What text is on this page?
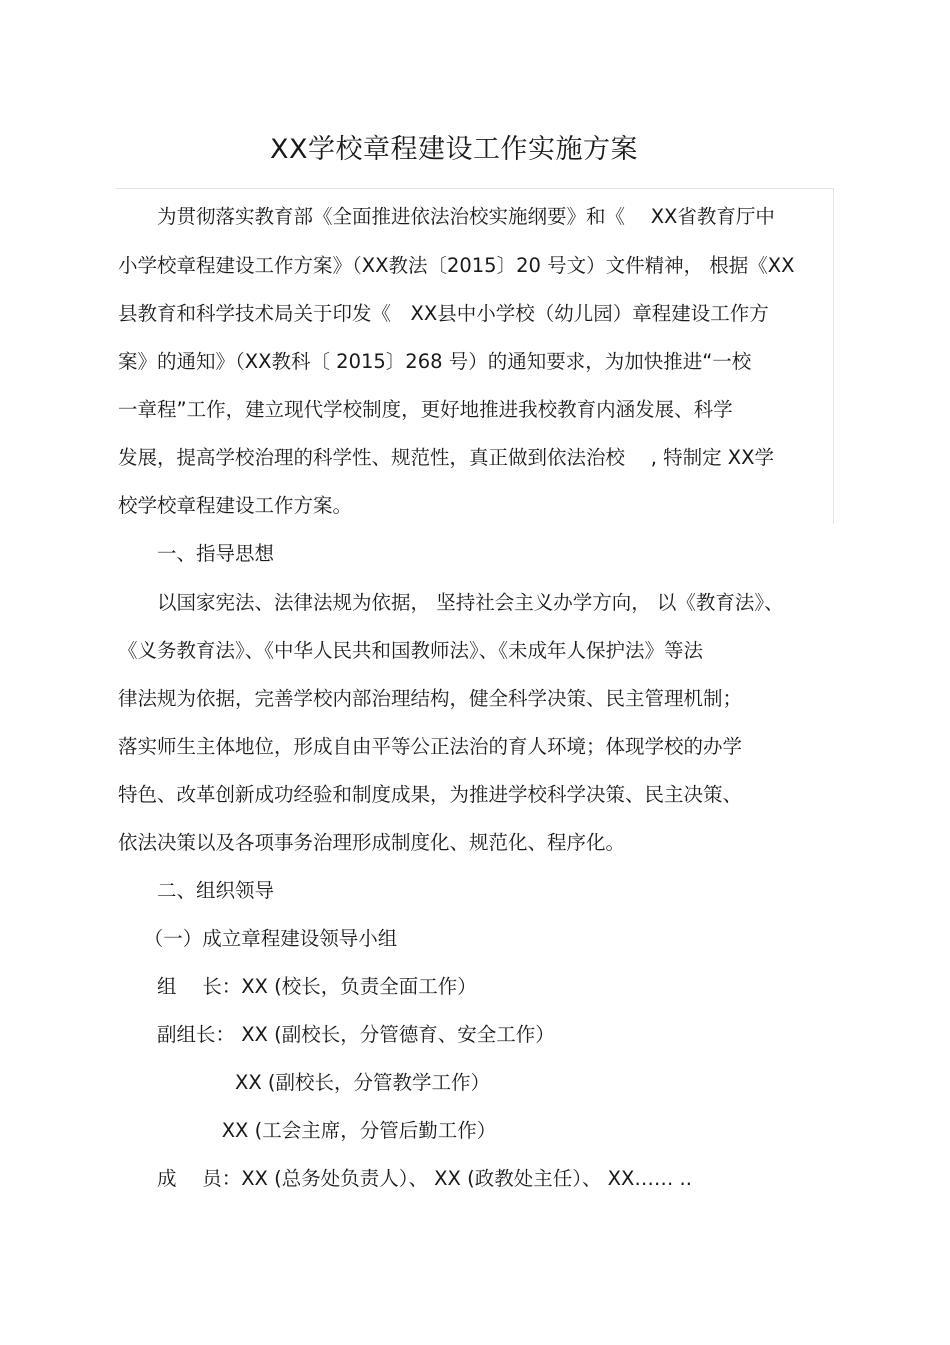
XX学校章程建设工作实施方案

　　为贯彻落实教育部《全面推进依法治校实施纲要》和《　 XX省教育厅中

小学校章程建设工作方案》（XX教法〔2015〕20 号文）文件精神， 根据《XX

县教育和科学技术局关于印发《　XX县中小学校（幼儿园）章程建设工作方

案》的通知》（XX教科〔 2015〕268 号）的通知要求，为加快推进“一校

一章程”工作，建立现代学校制度，更好地推进我校教育内涵发展、科学

发展，提高学校治理的科学性、规范性，真正做到依法治校　 , 特制定 XX学

校学校章程建设工作方案。

　　一、指导思想

　　以国家宪法、法律法规为依据， 坚持社会主义办学方向， 以《教育法》、

《义务教育法》、《中华人民共和国教师法》、《未成年人保护法》等法

律法规为依据，完善学校内部治理结构，健全科学决策、民主管理机制；

落实师生主体地位，形成自由平等公正法治的育人环境；体现学校的办学

特色、改革创新成功经验和制度成果，为推进学校科学决策、民主决策、

依法决策以及各项事务治理形成制度化、规范化、程序化。

　　二、组织领导

　 （一）成立章程建设领导小组

　　组　 长：XX (校长，负责全面工作）

　　副组长： XX (副校长，分管德育、安全工作）

　　　　　　XX (副校长，分管教学工作）

　　　　　 XX (工会主席，分管后勤工作）

　　成　 员：XX (总务处负责人）、 XX (政教处主任）、 XX…… ..
